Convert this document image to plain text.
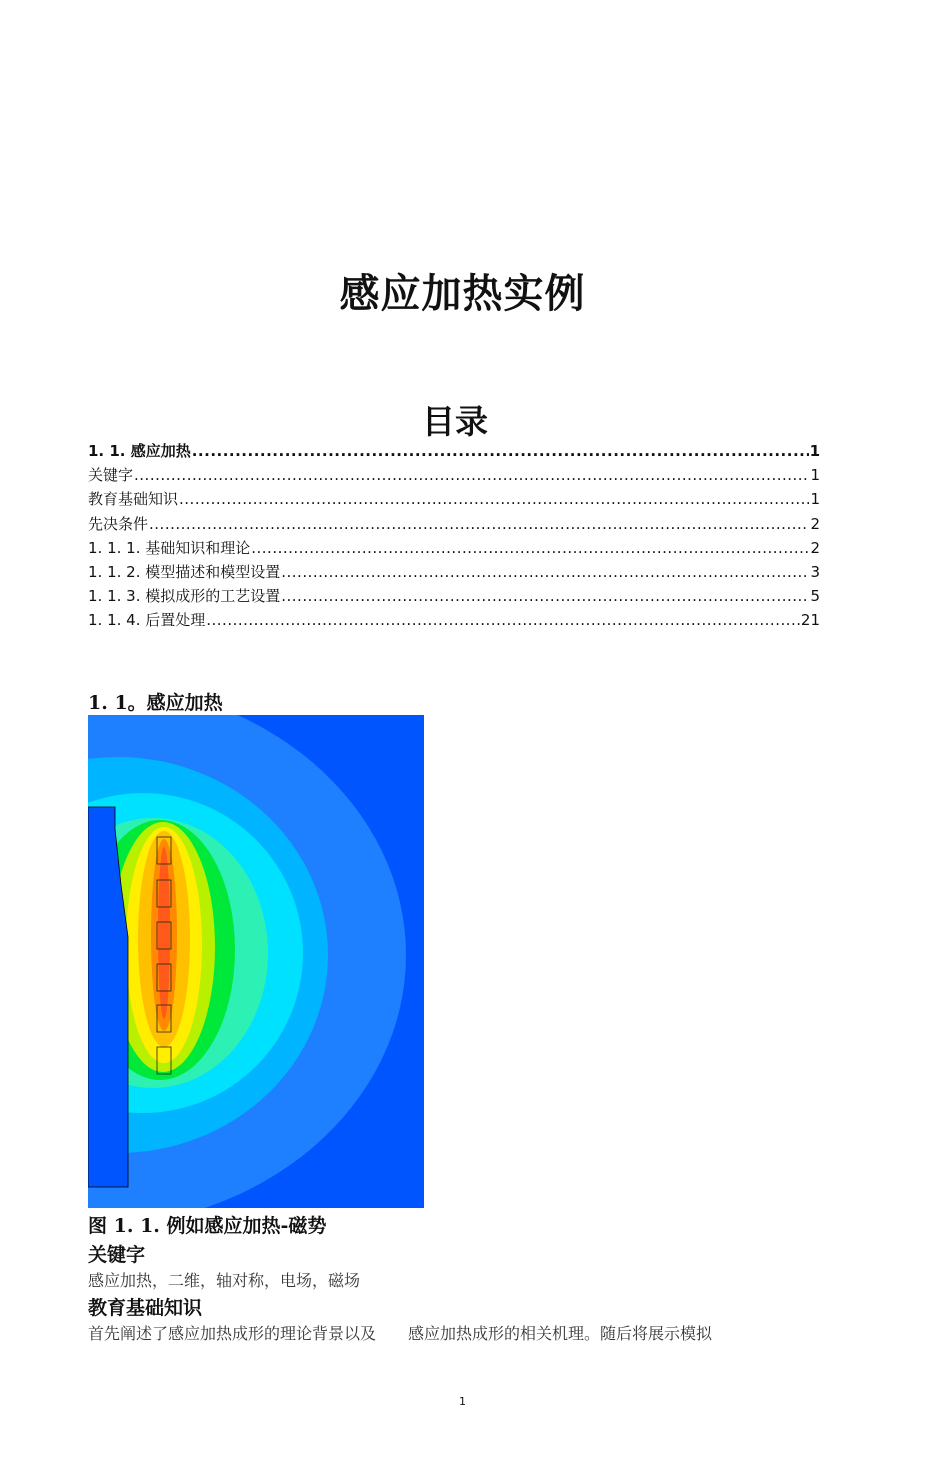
感应加热实例
目录
1. 1. 感应加热 .....	1
关键字 .....	1
教育基础知识 .....	1
先决条件 .....	2
1. 1. 1. 基础知识和理论 .....	2
1. 1. 2. 模型描述和模型设置 .....	3
1. 1. 3. 模拟成形的工艺设置 .....	5
1. 1. 4. 后置处理 .....	21
1. 1。感应加热

图 1. 1. 例如感应加热-磁势

关键字

感应加热，二维，轴对称，电场，磁场

教育基础知识

首先阐述了感应加热成形的理论背景以及 感应加热成形的相关机理。随后将展示模拟

1
